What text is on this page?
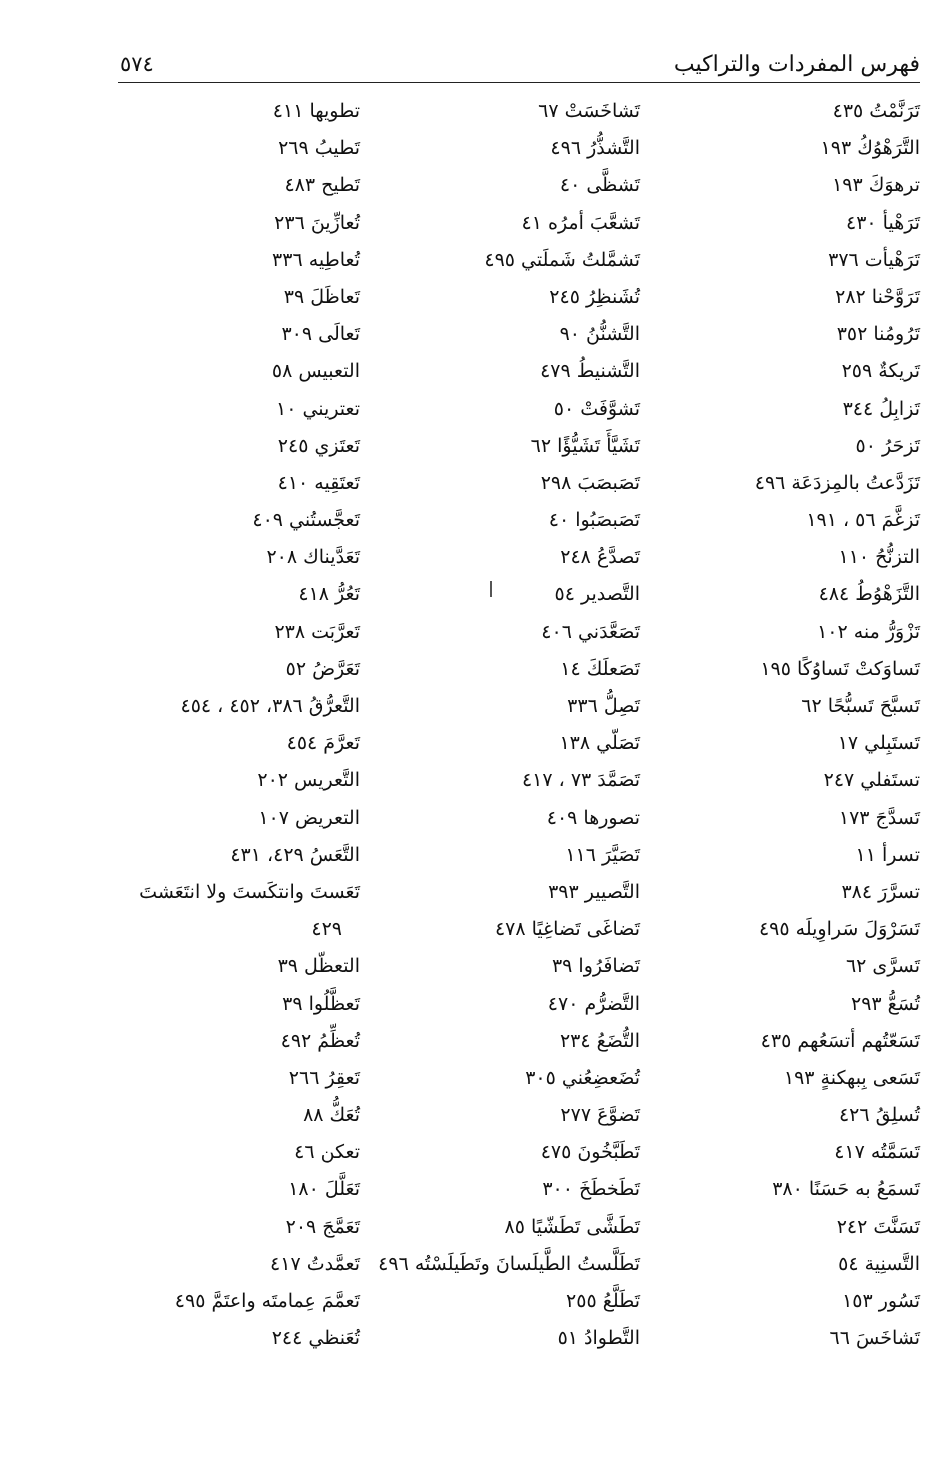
فهرس المفردات والتراكيب
٥٧٤
تَرَنَّمْتُ ٤٣٥
التَّرَهْوُكُ ١٩٣
ترهوَكَ ١٩٣
تَرَهْيأ ٤٣٠
تَرَهْيأت ٣٧٦
تَرَوَّحْنا ٢٨٢
تَرُومُنا ٣٥٢
تَريكةٌ ٢٥٩
تَزابِلُ ٣٤٤
تَزحَرُ ٥٠
تَزَدَّعتُ بالمِزدَعَة ٤٩٦
تَزغَّمَ ٥٦ ، ١٩١
التزنُّحُ ١١٠
التَّزَهْوُطُ ٤٨٤
تَزْوَرُّ منه ١٠٢
تَساوَكتْ تَساوُكًا ١٩٥
تَسبَّحَ تَسبُّحًا ٦٢
تَستَبِلي ١٧
تستَفلي ٢٤٧
تَسدَّجَ ١٧٣
تسرأ ١١
تسرَّرَ ٣٨٤
تَسَرْوَلَ سَراوِيلَه ٤٩٥
تَسرَّى ٦٢
تُسَعُّ ٢٩٣
تَسَعّتُهم أتسَعُهم ٤٣٥
تَسَعى بِبهكنةٍ ١٩٣
تُسلِقُ ٤٢٦
تَسَمَّتُه ٤١٧
تَسمَعُ به حَسَنًا ٣٨٠
تَسَنَّتَ ٢٤٢
التَّسنِية ٥٤
تَسُور ١٥٣
تَشاخَسَ ٦٦
تَشاخَسَتْ ٦٧
التَّشذُّرُ ٤٩٦
تَشظَّى ٤٠
تَشعَّبَ أمرُه ٤١
تَشمَّلتُ شَملَتي ٤٩٥
تُشَنظِرُ ٢٤٥
التَّشنُّنُ ٩٠
التَّشنيطُ ٤٧٩
تَشوَّفَتْ ٥٠
تَشَيَّأَ تَشَيُّؤًا ٦٢
تَصَبصَبَ ٢٩٨
تَصَبصَبُوا ٤٠
تَصدَّعُ ٢٤٨
التَّصدير ٥٤
تَصَعَّدَني ٤٠٦
تَصَعلَكَ ١٤
تَصِلُّ ٣٣٦
تَصَلّي ١٣٨
تَصَمَّدَ ٧٣ ، ٤١٧
تصورها ٤٠٩
تَصَيَّرَ ١١٦
التَّصيير ٣٩٣
تَضاغَى تَضاغِيًا ٤٧٨
تَضافَرُوا ٣٩
التَّضرُّم ٤٧٠
التُّضَعُ ٢٣٤
تُضَعضِعُني ٣٠٥
تَضوَّعَ ٢٧٧
تَطَبَّخُونَ ٤٧٥
تَطَخطَخَ ٣٠٠
تَطَشَّى تَطَشّيًا ٨٥
تَطَلَّستُ الطَّيلَسانَ وتَطَيلَسْتُه ٤٩٦
تَطَلَّعُ ٢٥٥
التَّطوادُ ٥١
تطويها ٤١١
تَطيبُ ٢٦٩
تَطيح ٤٨٣
تُعازِّينَ ٢٣٦
تُعاطِيه ٣٣٦
تَعاظَلَ ٣٩
تَعالَى ٣٠٩
التعبيس ٥٨
تعتريني ١٠
تَعتَزي ٢٤٥
تَعتَقِيه ٤١٠
تَعجَّستُني ٤٠٩
تَعَدَّيناك ٢٠٨
تَعُرُّ ٤١٨
تَعرَّبَت ٢٣٨
تَعَرَّضُ ٥٢
التَّعرُّقُ ٣٨٦، ٤٥٢ ، ٤٥٤
تَعرَّمَ ٤٥٤
التَّعريس ٢٠٢
التعريض ١٠٧
التَّعَسُ ٤٢٩، ٤٣١
تَعَستَ وانتكَستَ ولا انتَعَشتَ
٤٢٩
التعظّل ٣٩
تَعظَّلُوا ٣٩
تُعظِّمُ ٤٩٢
تَعقِرُ ٢٦٦
تُعَكُّ ٨٨
تعكن ٤٦
تَعَلَّلَ ١٨٠
تَعَمَّجَ ٢٠٩
تَعمَّدتُ ٤١٧
تَعمَّمَ عِمامتَه واعتَمَّ ٤٩٥
تُعَنظي ٢٤٤
